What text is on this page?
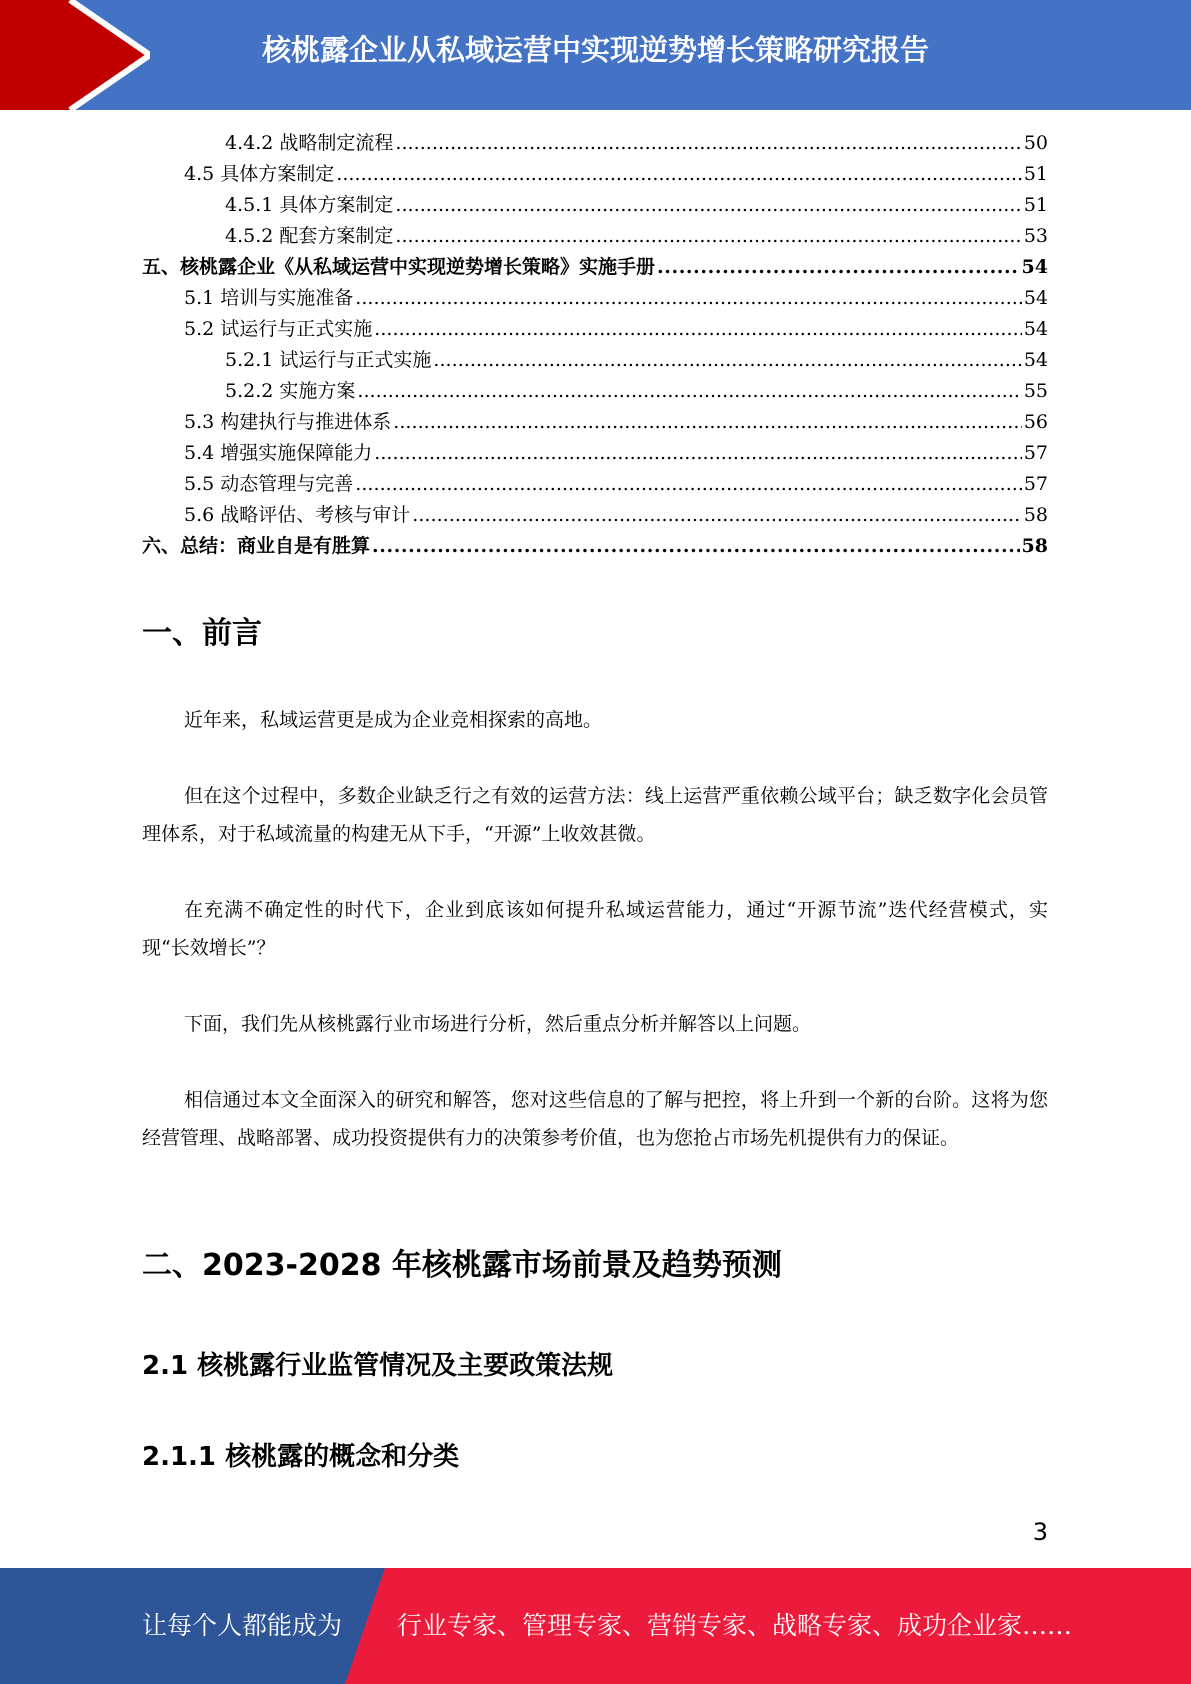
核桃露企业从私域运营中实现逆势增长策略研究报告
4.4.2 战略制定流程 . . .	50
4.5 具体方案制定 . . .	51
4.5.1 具体方案制定 . . .	51
4.5.2 配套方案制定 . . .	53
五、核桃露企业《从私域运营中实现逆势增长策略》实施手册 . . .	54
5.1 培训与实施准备 . . .	54
5.2 试运行与正式实施 . . .	54
5.2.1 试运行与正式实施 . . .	54
5.2.2 实施方案 . . .	55
5.3 构建执行与推进体系 . . .	56
5.4 增强实施保障能力 . . .	57
5.5 动态管理与完善 . . .	57
5.6 战略评估、考核与审计 . . .	58
六、总结：商业自是有胜算 . . .	58
一、前言
近年来，私域运营更是成为企业竞相探索的高地。
但在这个过程中，多数企业缺乏行之有效的运营方法：线上运营严重依赖公域平台；缺乏数字化会员管理体系，对于私域流量的构建无从下手，“开源”上收效甚微。
在充满不确定性的时代下，企业到底该如何提升私域运营能力，通过“开源节流”迭代经营模式，实现“长效增长”？
下面，我们先从核桃露行业市场进行分析，然后重点分析并解答以上问题。
相信通过本文全面深入的研究和解答，您对这些信息的了解与把控，将上升到一个新的台阶。这将为您经营管理、战略部署、成功投资提供有力的决策参考价值，也为您抢占市场先机提供有力的保证。
二、2023-2028 年核桃露市场前景及趋势预测
2.1 核桃露行业监管情况及主要政策法规
2.1.1 核桃露的概念和分类
3
让每个人都能成为 行业专家、管理专家、营销专家、战略专家、成功企业家……
